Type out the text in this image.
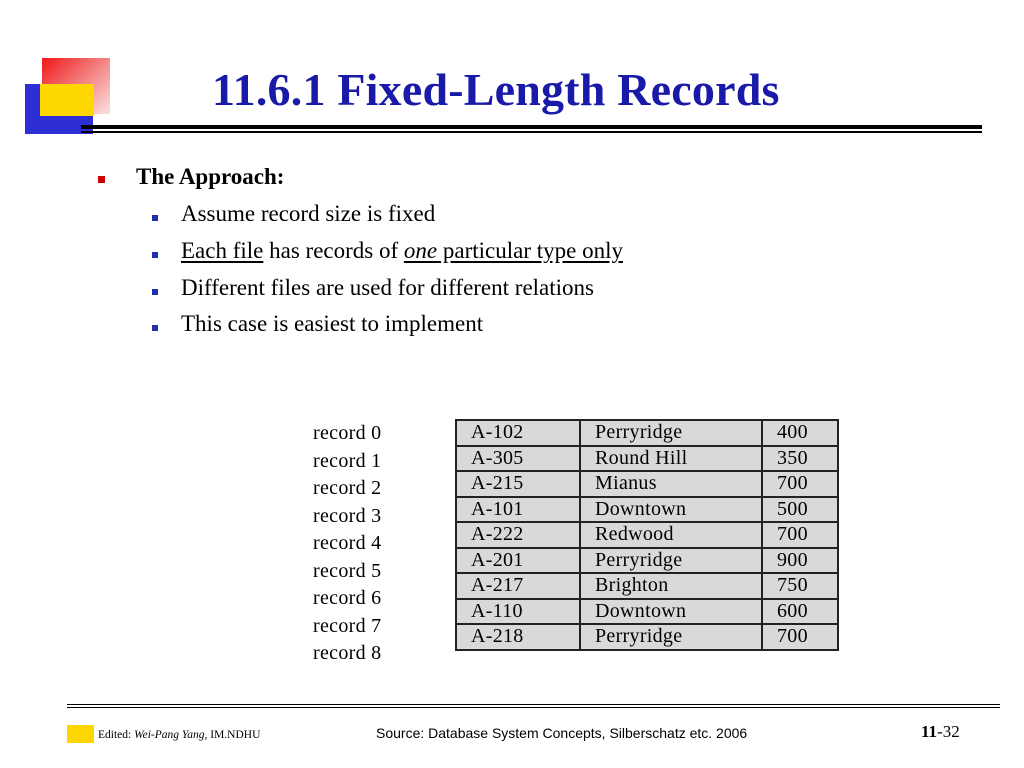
11.6.1 Fixed-Length Records
The Approach:
Assume record size is fixed
Each file has records of one particular type only
Different files are used for different relations
This case is easiest to implement
record 0
record 1
record 2
record 3
record 4
record 5
record 6
record 7
record 8
A-102	Perryridge	400
A-305	Round Hill	350
A-215	Mianus	700
A-101	Downtown	500
A-222	Redwood	700
A-201	Perryridge	900
A-217	Brighton	750
A-110	Downtown	600
A-218	Perryridge	700
Edited: Wei-Pang Yang, IM.NDHU	Source: Database System Concepts, Silberschatz etc. 2006	11-32
